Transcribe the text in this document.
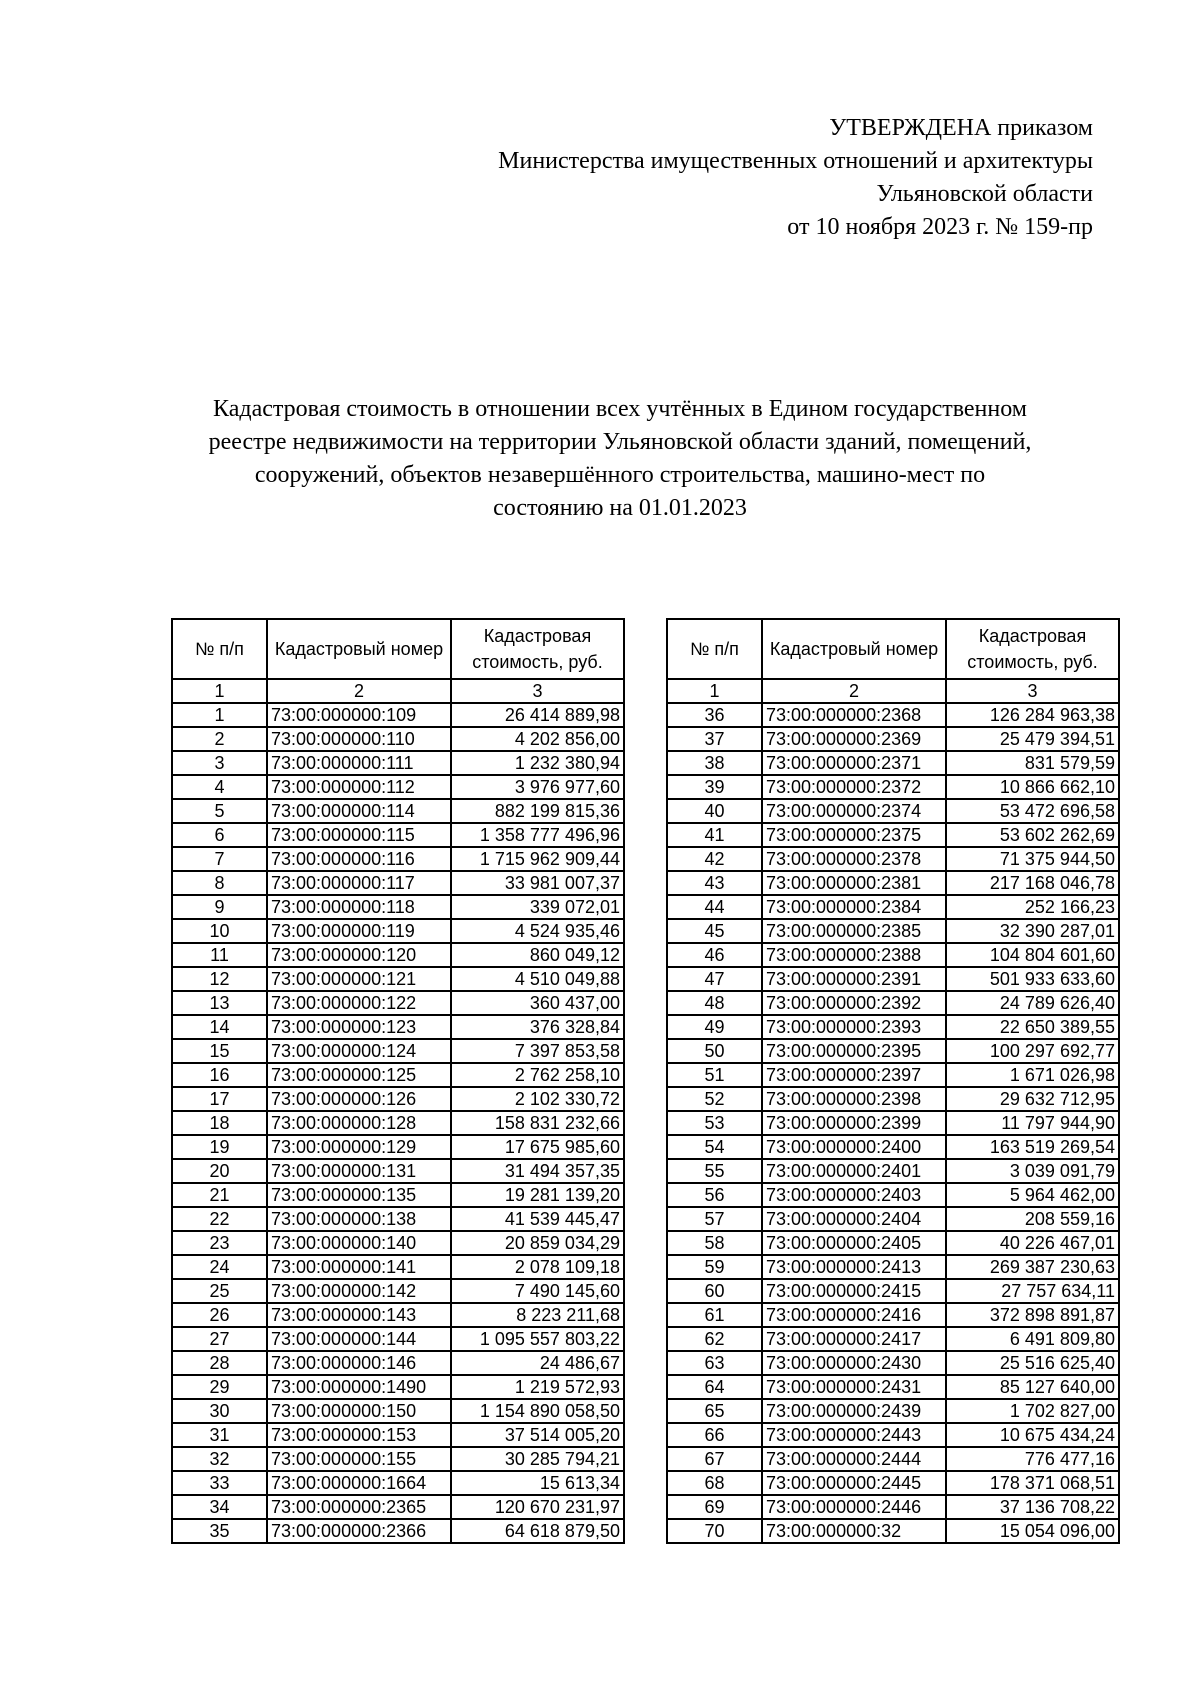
УТВЕРЖДЕНА приказом
Министерства имущественных отношений и архитектуры
Ульяновской области
от 10 ноября 2023 г. № 159-пр
Кадастровая стоимость в отношении всех учтённых в Едином государственном
реестре недвижимости на территории Ульяновской области зданий, помещений,
сооружений, объектов незавершённого строительства, машино-мест по
состоянию на 01.01.2023
№ п/п	Кадастровый номер	Кадастровая стоимость, руб.
1	2	3
1	73:00:000000:109	26 414 889,98
2	73:00:000000:110	4 202 856,00
3	73:00:000000:111	1 232 380,94
4	73:00:000000:112	3 976 977,60
5	73:00:000000:114	882 199 815,36
6	73:00:000000:115	1 358 777 496,96
7	73:00:000000:116	1 715 962 909,44
8	73:00:000000:117	33 981 007,37
9	73:00:000000:118	339 072,01
10	73:00:000000:119	4 524 935,46
11	73:00:000000:120	860 049,12
12	73:00:000000:121	4 510 049,88
13	73:00:000000:122	360 437,00
14	73:00:000000:123	376 328,84
15	73:00:000000:124	7 397 853,58
16	73:00:000000:125	2 762 258,10
17	73:00:000000:126	2 102 330,72
18	73:00:000000:128	158 831 232,66
19	73:00:000000:129	17 675 985,60
20	73:00:000000:131	31 494 357,35
21	73:00:000000:135	19 281 139,20
22	73:00:000000:138	41 539 445,47
23	73:00:000000:140	20 859 034,29
24	73:00:000000:141	2 078 109,18
25	73:00:000000:142	7 490 145,60
26	73:00:000000:143	8 223 211,68
27	73:00:000000:144	1 095 557 803,22
28	73:00:000000:146	24 486,67
29	73:00:000000:1490	1 219 572,93
30	73:00:000000:150	1 154 890 058,50
31	73:00:000000:153	37 514 005,20
32	73:00:000000:155	30 285 794,21
33	73:00:000000:1664	15 613,34
34	73:00:000000:2365	120 670 231,97
35	73:00:000000:2366	64 618 879,50
№ п/п	Кадастровый номер	Кадастровая стоимость, руб.
1	2	3
36	73:00:000000:2368	126 284 963,38
37	73:00:000000:2369	25 479 394,51
38	73:00:000000:2371	831 579,59
39	73:00:000000:2372	10 866 662,10
40	73:00:000000:2374	53 472 696,58
41	73:00:000000:2375	53 602 262,69
42	73:00:000000:2378	71 375 944,50
43	73:00:000000:2381	217 168 046,78
44	73:00:000000:2384	252 166,23
45	73:00:000000:2385	32 390 287,01
46	73:00:000000:2388	104 804 601,60
47	73:00:000000:2391	501 933 633,60
48	73:00:000000:2392	24 789 626,40
49	73:00:000000:2393	22 650 389,55
50	73:00:000000:2395	100 297 692,77
51	73:00:000000:2397	1 671 026,98
52	73:00:000000:2398	29 632 712,95
53	73:00:000000:2399	11 797 944,90
54	73:00:000000:2400	163 519 269,54
55	73:00:000000:2401	3 039 091,79
56	73:00:000000:2403	5 964 462,00
57	73:00:000000:2404	208 559,16
58	73:00:000000:2405	40 226 467,01
59	73:00:000000:2413	269 387 230,63
60	73:00:000000:2415	27 757 634,11
61	73:00:000000:2416	372 898 891,87
62	73:00:000000:2417	6 491 809,80
63	73:00:000000:2430	25 516 625,40
64	73:00:000000:2431	85 127 640,00
65	73:00:000000:2439	1 702 827,00
66	73:00:000000:2443	10 675 434,24
67	73:00:000000:2444	776 477,16
68	73:00:000000:2445	178 371 068,51
69	73:00:000000:2446	37 136 708,22
70	73:00:000000:32	15 054 096,00
